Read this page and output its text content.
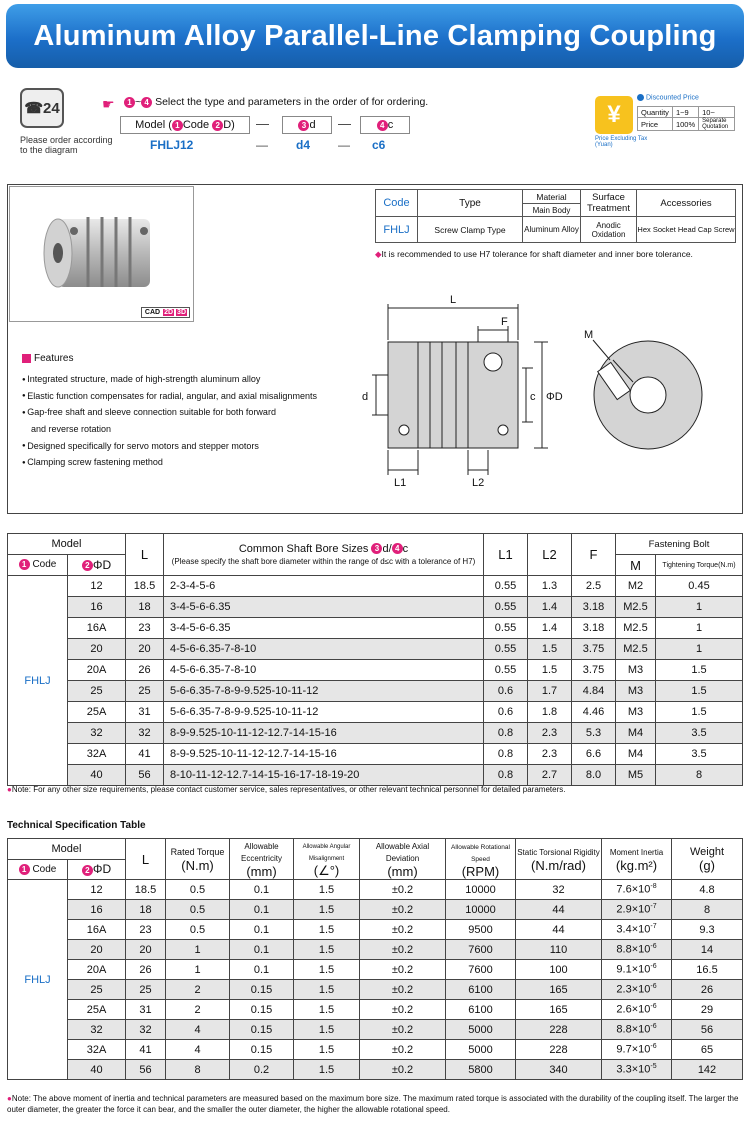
Aluminum Alloy Parallel-Line Clamping Coupling
☎ 24
Please order according to the diagram
☛	1 ~ 4 Select the type and parameters in the order of for ordering.
Model ( 1 Code
2 D) —	3 d —	4 c
FHLJ12	— d4 — c6
¥
Price Excluding Tax (Yuan)
Discounted Price
Quantity	1~9	10~
Price	100%	Separate Quotation
CAD 2D 3D
Features
● Integrated structure, made of high-strength aluminum alloy
● Elastic function compensates for radial, angular, and axial misalignments
● Gap-free shaft and sleeve connection suitable for both forward
and reverse rotation
● Designed specifically for servo motors and stepper motors
● Clamping screw fastening method
Code	Type	Material	Surface Treatment	Accessories
		Main Body		
FHLJ	Screw Clamp Type	Aluminum Alloy	Anodic Oxidation	Hex Socket Head Cap Screw
◆It is recommended to use H7 tolerance for shaft diameter and inner bore tolerance.
L
F
d	c ΦD
L1	L2
M
Model		L	Common Shaft Bore Sizes 3 d/ 4 c
(Please specify the shaft bore diameter within the range of d≤c with a tolerance of H7)	L1	L2	F	Fastening Bolt	
1 Code	2 ΦD						M	Tightening Torque(N.m)
FHLJ	12	18.5	2-3-4-5-6	0.55	1.3	2.5	M2	0.45
	16	18	3-4-5-6-6.35	0.55	1.4	3.18	M2.5	1
	16A	23	3-4-5-6-6.35	0.55	1.4	3.18	M2.5	1
	20	20	4-5-6-6.35-7-8-10	0.55	1.5	3.75	M2.5	1
	20A	26	4-5-6-6.35-7-8-10	0.55	1.5	3.75	M3	1.5
	25	25	5-6-6.35-7-8-9-9.525-10-11-12	0.6	1.7	4.84	M3	1.5
	25A	31	5-6-6.35-7-8-9-9.525-10-11-12	0.6	1.8	4.46	M3	1.5
	32	32	8-9-9.525-10-11-12-12.7-14-15-16	0.8	2.3	5.3	M4	3.5
	32A	41	8-9-9.525-10-11-12-12.7-14-15-16	0.8	2.3	6.6	M4	3.5
	40	56	8-10-11-12-12.7-14-15-16-17-18-19-20	0.8	2.7	8.0	M5	8
●Note: For any other size requirements, please contact customer service, sales representatives, or other relevant technical personnel for detailed parameters.
Technical Specification Table
Model		L	Rated Torque
(N.m)	Allowable Eccentricity
(mm)	Allowable Angular Misalignment
(∠°)	Allowable Axial Deviation
(mm)	Allowable Rotational Speed
(RPM)	Static Torsional Rigidity
(N.m/rad)	Moment Inertia
(kg.m²)	Weight
(g)
1 Code	2 ΦD									
FHLJ	12	18.5	0.5	0.1	1.5	±0.2	10000	32	$7.6\times 10^{-8}$	4.8
	16	18	0.5	0.1	1.5	±0.2	10000	44	$2.9\times 10^{-7}$	8
	16A	23	0.5	0.1	1.5	±0.2	9500	44	$3.4\times 10^{-7}$	9.3
	20	20	1	0.1	1.5	±0.2	7600	110	$8.8\times 10^{-6}$	14
	20A	26	1	0.1	1.5	±0.2	7600	100	$9.1\times 10^{-6}$	16.5
	25	25	2	0.15	1.5	±0.2	6100	165	$2.3\times 10^{-6}$	26
	25A	31	2	0.15	1.5	±0.2	6100	165	$2.6\times 10^{-6}$	29
	32	32	4	0.15	1.5	±0.2	5000	228	$8.8\times 10^{-6}$	56
	32A	41	4	0.15	1.5	±0.2	5000	228	$9.7\times 10^{-6}$	65
	40	56	8	0.2	1.5	±0.2	5800	340	$3.3\times 10^{-5}$	142
●Note: The above moment of inertia and technical parameters are measured based on the maximum bore size. The maximum rated torque is associated with the durability of the coupling itself. The larger the outer diameter, the greater the force it can bear, and the smaller the outer diameter, the higher the allowable rotational speed.
